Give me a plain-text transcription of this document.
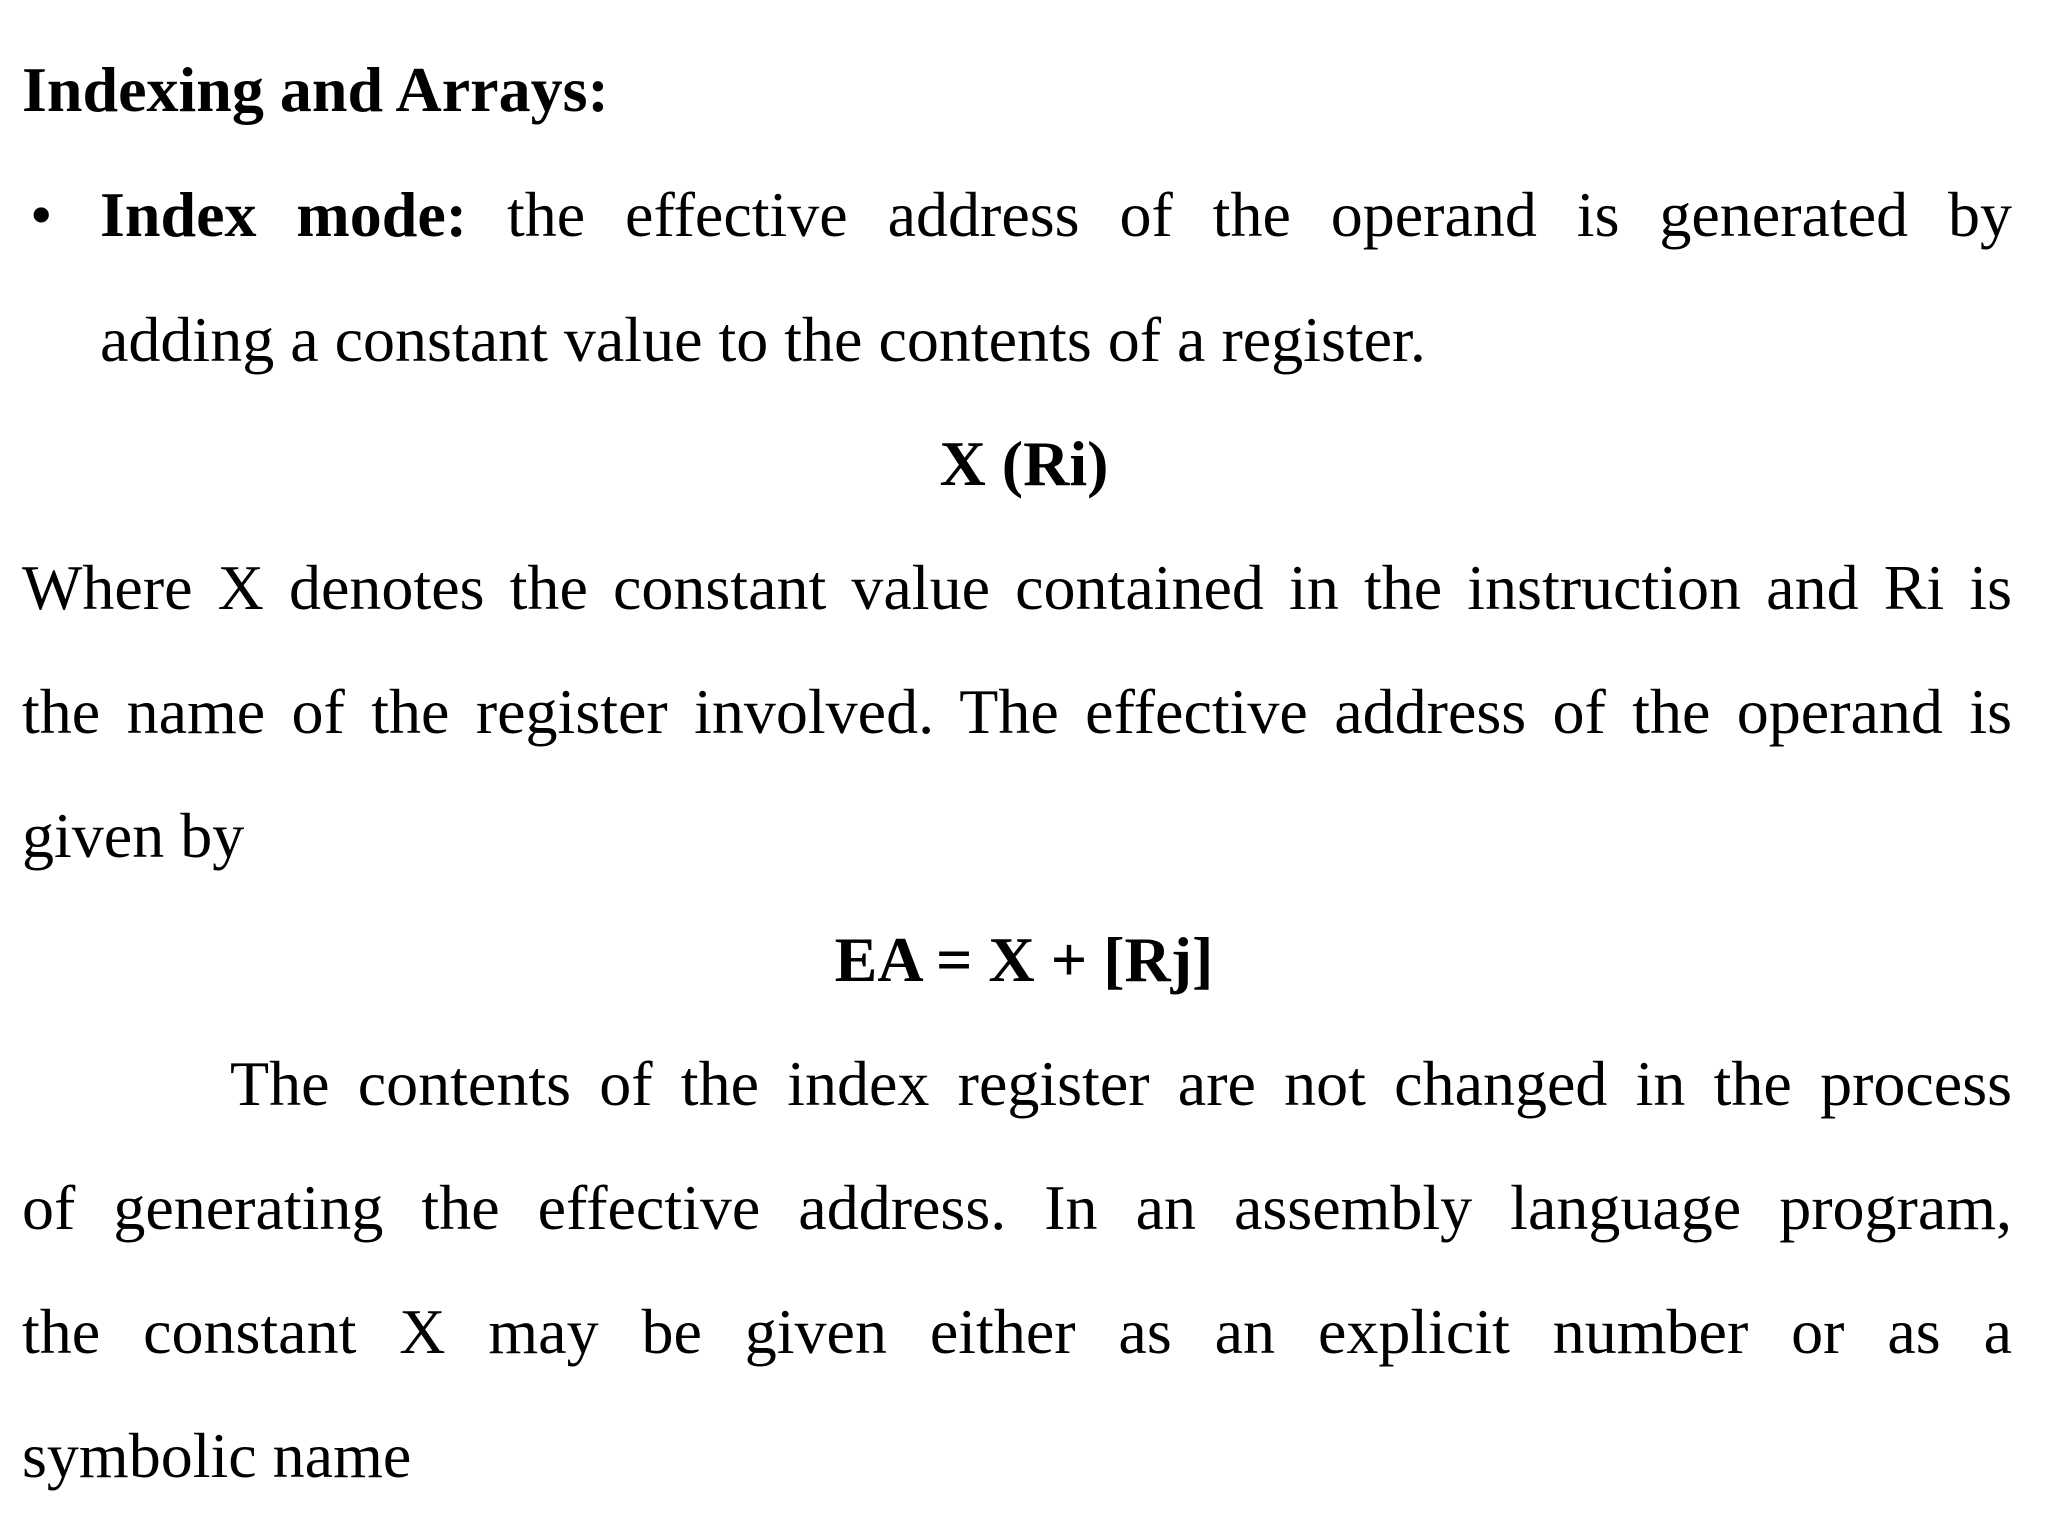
Indexing and Arrays:
• Index mode: the effective address of the operand is generated by
adding a constant value to the contents of a register.
X (Ri)
Where X denotes the constant value contained in the instruction and Ri is
the name of the register involved. The effective address of the operand is
given by
EA = X + [Rj]
The contents of the index register are not changed in the process
of generating the effective address. In an assembly language program,
the constant X may be given either as an explicit number or as a
symbolic name
